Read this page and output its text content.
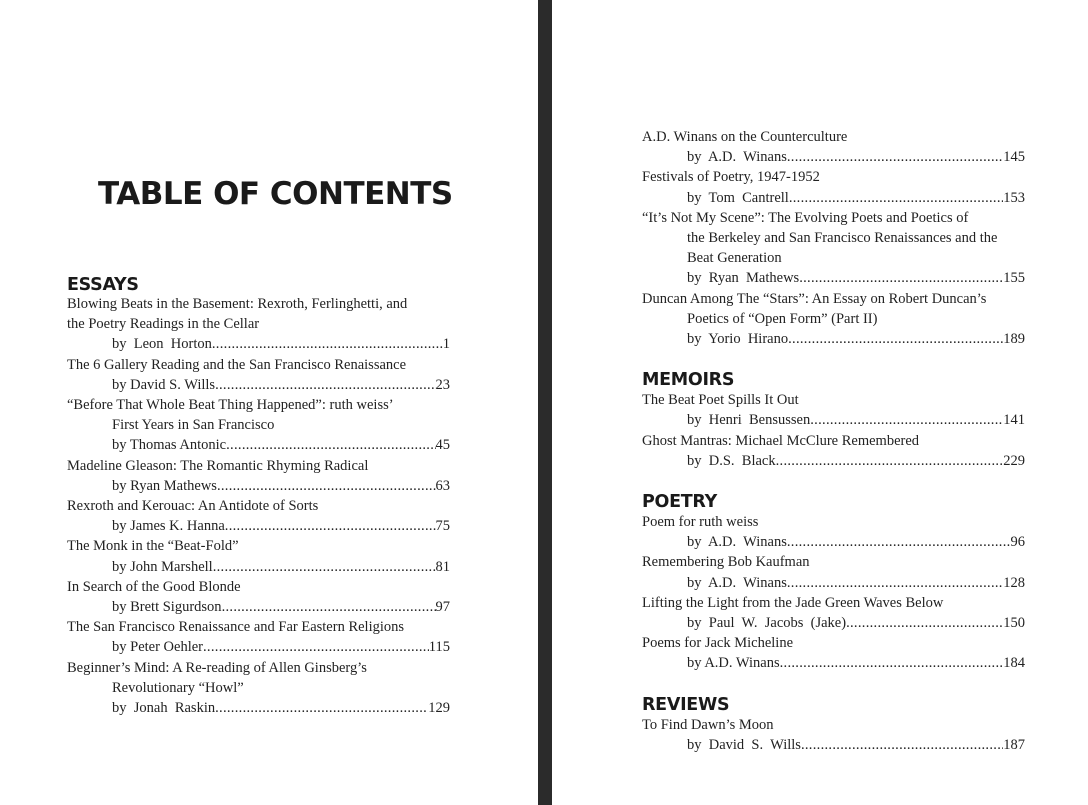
TABLE OF CONTENTS
ESSAYS
Blowing Beats in the Basement: Rexroth, Ferlinghetti, and
the Poetry Readings in the Cellar
by  Leon  Horton .....	1
The 6 Gallery Reading and the San Francisco Renaissance
by David S. Wills .....	23
“Before That Whole Beat Thing Happened”: ruth weiss’
First Years in San Francisco
by Thomas Antonic .....	45
Madeline Gleason: The Romantic Rhyming Radical
by Ryan Mathews .....	63
Rexroth and Kerouac: An Antidote of Sorts
by James K. Hanna .....	75
The Monk in the “Beat-Fold”
by John Marshell .....	81
In Search of the Good Blonde
by Brett Sigurdson .....	97
The San Francisco Renaissance and Far Eastern Religions
by Peter Oehler .....	115
Beginner’s Mind: A Re-reading of Allen Ginsberg’s
Revolutionary “Howl”
by  Jonah  Raskin .....	129
A.D. Winans on the Counterculture
by  A.D.  Winans .....	145
Festivals of Poetry, 1947-1952
by  Tom  Cantrell .....	153
“It’s Not My Scene”: The Evolving Poets and Poetics of
the Berkeley and San Francisco Renaissances and the
Beat Generation
by  Ryan  Mathews .....	155
Duncan Among The “Stars”: An Essay on Robert Duncan’s
Poetics of “Open Form” (Part II)
by  Yorio  Hirano .....	189
MEMOIRS
The Beat Poet Spills It Out
by  Henri  Bensussen .....	141
Ghost Mantras: Michael McClure Remembered
by  D.S.  Black .....	229
POETRY
Poem for ruth weiss
by  A.D.  Winans .....	96
Remembering Bob Kaufman
by  A.D.  Winans .....	128
Lifting the Light from the Jade Green Waves Below
by  Paul  W.  Jacobs  (Jake) .....	150
Poems for Jack Micheline
by A.D. Winans .....	184
REVIEWS
To Find Dawn’s Moon
by  David  S.  Wills .....	187
